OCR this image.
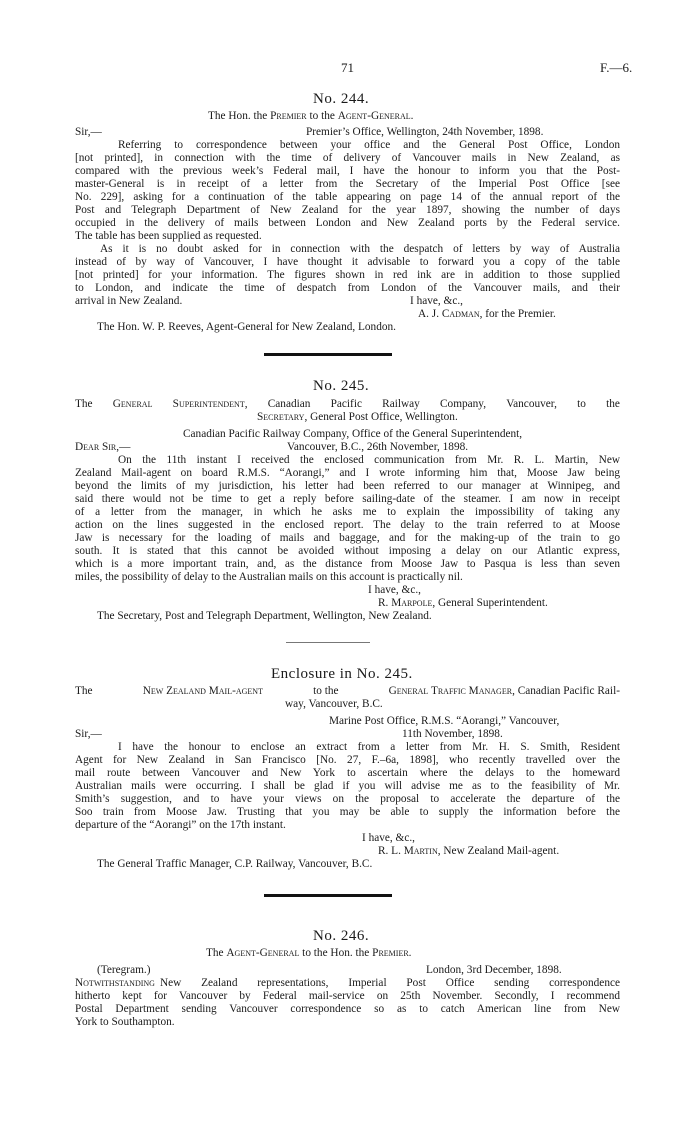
71	F.—6.
No. 244.
The Hon. the Premier to the Agent-General.
Sir,—	Premier’s Office, Wellington, 24th November, 1898.
Referring to correspondence between your office and the General Post Office, London
[not printed], in connection with the time of delivery of Vancouver mails in New Zealand, as
compared with the previous week’s Federal mail, I have the honour to inform you that the Post-
master-General is in receipt of a letter from the Secretary of the Imperial Post Office [see
No. 229], asking for a continuation of the table appearing on page 14 of the annual report of the
Post and Telegraph Department of New Zealand for the year 1897, showing the number of days
occupied in the delivery of mails between London and New Zealand ports by the Federal service.
The table has been supplied as requested.
As it is no doubt asked for in connection with the despatch of letters by way of Australia
instead of by way of Vancouver, I have thought it advisable to forward you a copy of the table
[not printed] for your information. The figures shown in red ink are in addition to those supplied
to London, and indicate the time of despatch from London of the Vancouver mails, and their
arrival in New Zealand.	I have, &c.,
A. J. Cadman, for the Premier.
The Hon. W. P. Reeves, Agent-General for New Zealand, London.
No. 245.
The General Superintendent, Canadian Pacific Railway Company, Vancouver, to the
Secretary, General Post Office, Wellington.
Canadian Pacific Railway Company, Office of the General Superintendent,
Dear Sir,—	Vancouver, B.C., 26th November, 1898.
On the 11th instant I received the enclosed communication from Mr. R. L. Martin, New
Zealand Mail-agent on board R.M.S. “Aorangi,” and I wrote informing him that, Moose Jaw being
beyond the limits of my jurisdiction, his letter had been referred to our manager at Winnipeg, and
said there would not be time to get a reply before sailing-date of the steamer. I am now in receipt
of a letter from the manager, in which he asks me to explain the impossibility of taking any
action on the lines suggested in the enclosed report. The delay to the train referred to at Moose
Jaw is necessary for the loading of mails and baggage, and for the making-up of the train to go
south. It is stated that this cannot be avoided without imposing a delay on our Atlantic express,
which is a more important train, and, as the distance from Moose Jaw to Pasqua is less than seven
miles, the possibility of delay to the Australian mails on this account is practically nil.
I have, &c.,
R. Marpole, General Superintendent.
The Secretary, Post and Telegraph Department, Wellington, New Zealand.
Enclosure in No. 245.
The	New Zealand Mail-agent	to the	General Traffic Manager, Canadian Pacific Rail-
way, Vancouver, B.C.
Marine Post Office, R.M.S. “Aorangi,” Vancouver,
Sir,—	11th November, 1898.
I have the honour to enclose an extract from a letter from Mr. H. S. Smith, Resident
Agent for New Zealand in San Francisco [No. 27, F.–6a, 1898], who recently travelled over the
mail route between Vancouver and New York to ascertain where the delays to the homeward
Australian mails were occurring. I shall be glad if you will advise me as to the feasibility of Mr.
Smith’s suggestion, and to have your views on the proposal to accelerate the departure of the
Soo train from Moose Jaw. Trusting that you may be able to supply the information before the
departure of the “Aorangi” on the 17th instant.
I have, &c.,
R. L. Martin, New Zealand Mail-agent.
The General Traffic Manager, C.P. Railway, Vancouver, B.C.
No. 246.
The Agent-General to the Hon. the Premier.
(Teregram.)	London, 3rd December, 1898.
Notwithstanding New Zealand representations, Imperial Post Office sending correspondence
hitherto kept for Vancouver by Federal mail-service on 25th November. Secondly, I recommend
Postal Department sending Vancouver correspondence so as to catch American line from New
York to Southampton.
